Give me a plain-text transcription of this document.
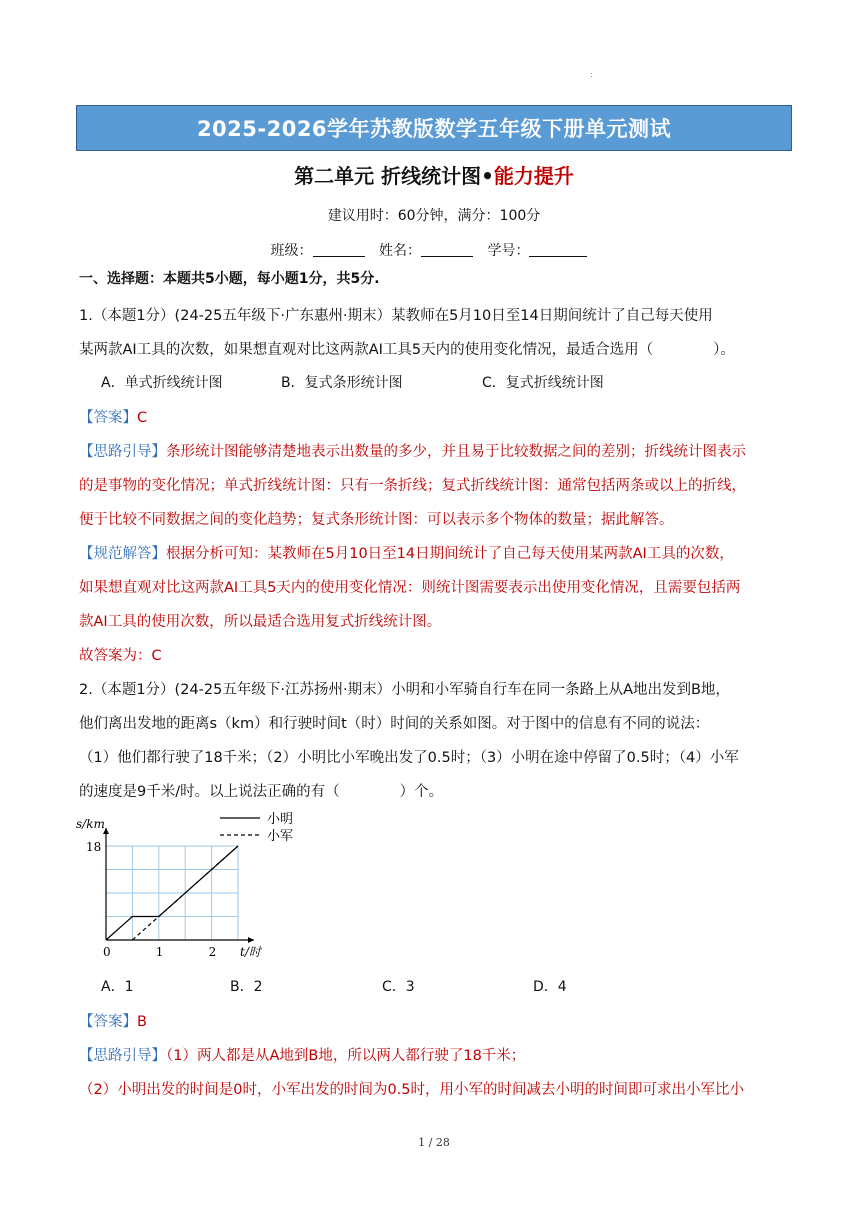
:
2025-2026学年苏教版数学五年级下册单元测试
第二单元 折线统计图•能力提升
建议用时：60分钟，满分：100分
班级：	姓名：	学号：
一、选择题：本题共5小题，每小题1分，共5分.
1.（本题1分）(24-25五年级下·广东惠州·期末）某教师在5月10日至14日期间统计了自己每天使用
某两款AI工具的次数，如果想直观对比这两款AI工具5天内的使用变化情况，最适合选用（	）。
A．单式折线统计图	B．复式条形统计图	C．复式折线统计图
【答案】C
【思路引导】条形统计图能够清楚地表示出数量的多少，并且易于比较数据之间的差别；折线统计图表示
的是事物的变化情况；单式折线统计图：只有一条折线；复式折线统计图：通常包括两条或以上的折线，
便于比较不同数据之间的变化趋势；复式条形统计图：可以表示多个物体的数量；据此解答。
【规范解答】根据分析可知：某教师在5月10日至14日期间统计了自己每天使用某两款AI工具的次数，
如果想直观对比这两款AI工具5天内的使用变化情况：则统计图需要表示出使用变化情况，且需要包括两
款AI工具的使用次数，所以最适合选用复式折线统计图。
故答案为：C
2.（本题1分）(24-25五年级下·江苏扬州·期末）小明和小军骑自行车在同一条路上从A地出发到B地，
他们离出发地的距离s（km）和行驶时间t（时）时间的关系如图。对于图中的信息有不同的说法：
（1）他们都行驶了18千米；（2）小明比小军晚出发了0.5时；（3）小明在途中停留了0.5时；（4）小军
的速度是9千米/时。以上说法正确的有（	）个。
小明
小军
0	1	2
18
s/km
t/时
A．1	B．2	C．3	D．4
【答案】B
【思路引导】（1）两人都是从A地到B地，所以两人都行驶了18千米；
（2）小明出发的时间是0时，小军出发的时间为0.5时，用小军的时间减去小明的时间即可求出小军比小
1 / 28
